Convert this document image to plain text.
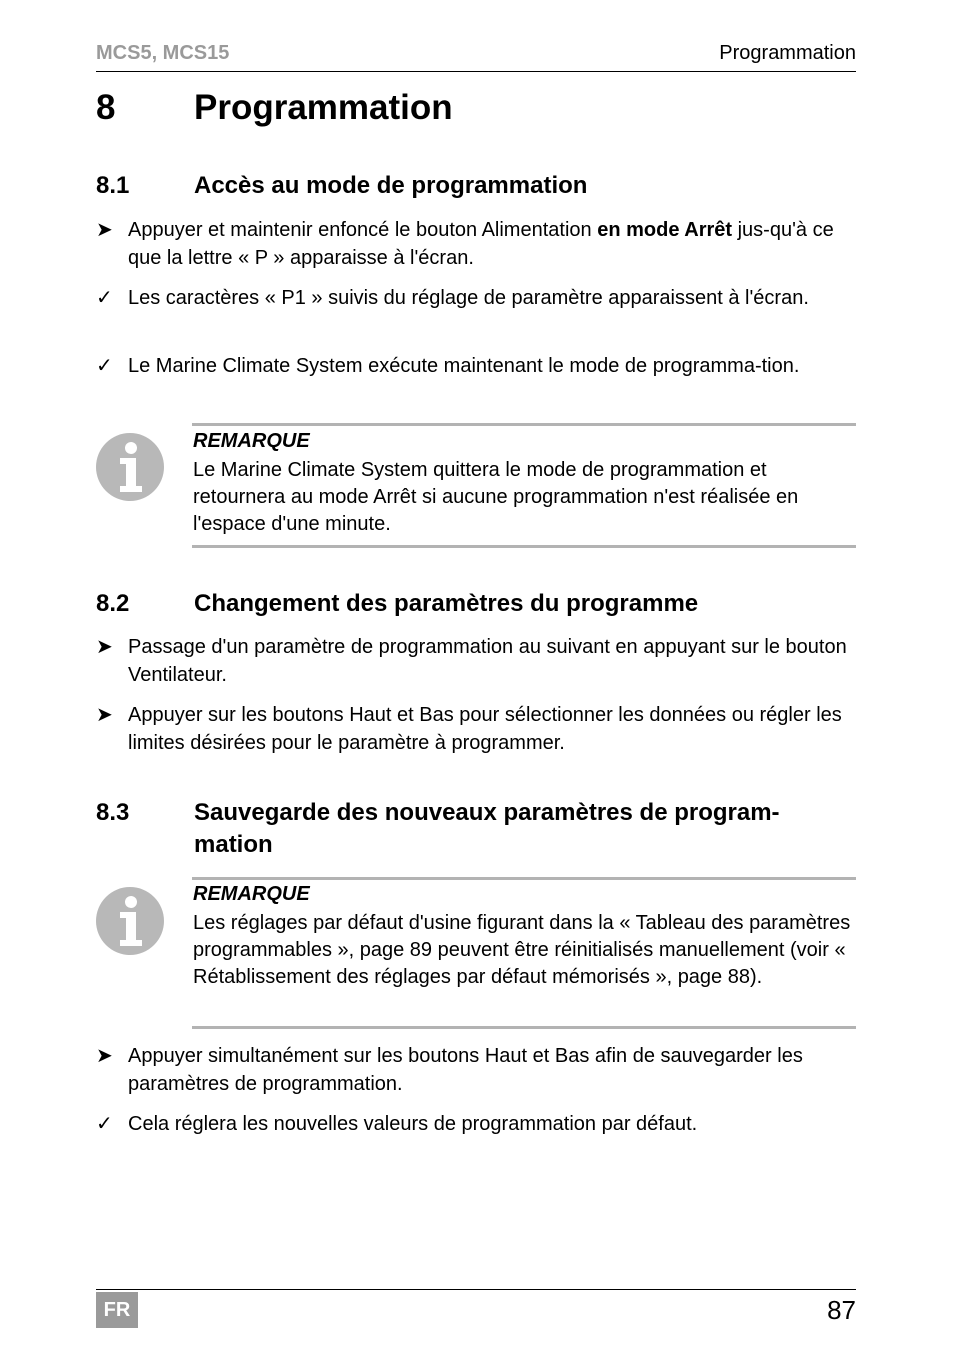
MCS5, MCS15	Programmation
8 Programmation
8.1	Accès au mode de programmation
➤ Appuyer et maintenir enfoncé le bouton Alimentation en mode Arrêt jus-qu'à ce que la lettre « P » apparaisse à l'écran.
✓ Les caractères « P1 » suivis du réglage de paramètre apparaissent à l'écran.
✓ Le Marine Climate System exécute maintenant le mode de programma-tion.
REMARQUE
Le Marine Climate System quittera le mode de programmation et retournera au mode Arrêt si aucune programmation n'est réalisée en l'espace d'une minute.
8.2	Changement des paramètres du programme
➤ Passage d'un paramètre de programmation au suivant en appuyant sur le bouton Ventilateur.
➤ Appuyer sur les boutons Haut et Bas pour sélectionner les données ou régler les limites désirées pour le paramètre à programmer.
8.3	Sauvegarde des nouveaux paramètres de program-mation
REMARQUE
Les réglages par défaut d'usine figurant dans la « Tableau des paramètres programmables », page 89 peuvent être réinitialisés manuellement (voir « Rétablissement des réglages par défaut mémorisés », page 88).
➤ Appuyer simultanément sur les boutons Haut et Bas afin de sauvegarder les paramètres de programmation.
✓ Cela réglera les nouvelles valeurs de programmation par défaut.
FR	87
